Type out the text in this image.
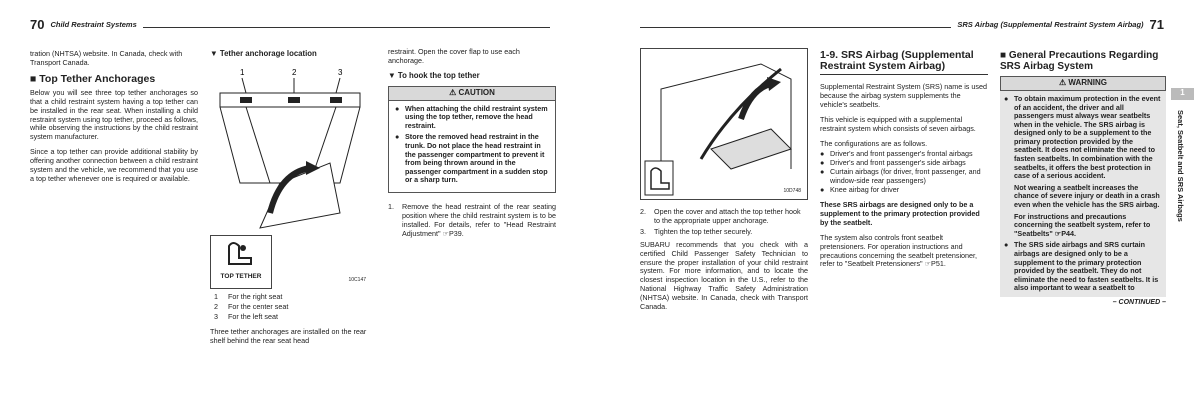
70 Child Restraint Systems	SRS Airbag (Supplemental Restraint System Airbag) 71

tration (NHTSA) website. In Canada, check with Transport Canada.

■ Top Tether Anchorages

Below you will see three top tether anchorages so that a child restraint system having a top tether can be installed in the rear seat. When installing a child restraint system using top tether, proceed as follows, while observing the instructions by the child restraint system manufacturer.

Since a top tether can provide additional stability by offering another connection between a child restraint system and the vehicle, we recommend that you use a top tether whenever one is required or available.

▼ Tether anchorage location
1	2	3
TOP TETHER
10C147
1	For the right seat
2	For the center seat
3	For the left seat

Three tether anchorages are installed on the rear shelf behind the rear seat head

restraint. Open the cover flap to use each anchorage.

▼ To hook the top tether
⚠ CAUTION
● When attaching the child restraint system using the top tether, remove the head restraint.
● Store the removed head restraint in the trunk. Do not place the head restraint in the passenger compartment to prevent it from being thrown around in the passenger compartment in a sudden stop or a sharp turn.
1.	Remove the head restraint of the rear seating position where the child restraint system is to be installed. For details, refer to "Head Restraint Adjustment" ☞P39.
10D748
2.	Open the cover and attach the top tether hook to the appropriate upper anchorage.
3.	Tighten the top tether securely.

SUBARU recommends that you check with a certified Child Passenger Safety Technician to ensure the proper installation of your child restraint system. For more information, and to locate the closest inspection location in the U.S., refer to the National Highway Traffic Safety Administration (NHTSA) website. In Canada, check with Transport Canada.

1-9. SRS Airbag (Supplemental Restraint System Airbag)

Supplemental Restraint System (SRS) name is used because the airbag system supplements the vehicle's seatbelts.

This vehicle is equipped with a supplemental restraint system which consists of seven airbags.

The configurations are as follows.

● Driver's and front passenger's frontal airbags
● Driver's and front passenger's side airbags
● Curtain airbags (for driver, front passenger, and window-side rear passengers)
● Knee airbag for driver

These SRS airbags are designed only to be a supplement to the primary protection provided by the seatbelt.

The system also controls front seatbelt pretensioners. For operation instructions and precautions concerning the seatbelt pretensioner, refer to "Seatbelt Pretensioners" ☞P51.

■ General Precautions Regarding SRS Airbag System
⚠ WARNING
● To obtain maximum protection in the event of an accident, the driver and all passengers must always wear seatbelts when in the vehicle. The SRS airbag is designed only to be a supplement to the primary protection provided by the seatbelt. It does not eliminate the need to fasten seatbelts. In combination with the seatbelts, it offers the best protection in case of a serious accident.
Not wearing a seatbelt increases the chance of severe injury or death in a crash even when the vehicle has the SRS airbag.
For instructions and precautions concerning the seatbelt system, refer to "Seatbelts" ☞P44.
● The SRS side airbags and SRS curtain airbags are designed only to be a supplement to the primary protection provided by the seatbelt. They do not eliminate the need to fasten seatbelts. It is also important to wear a seatbelt to
– CONTINUED –
1
Seat, Seatbelt and SRS Airbags
